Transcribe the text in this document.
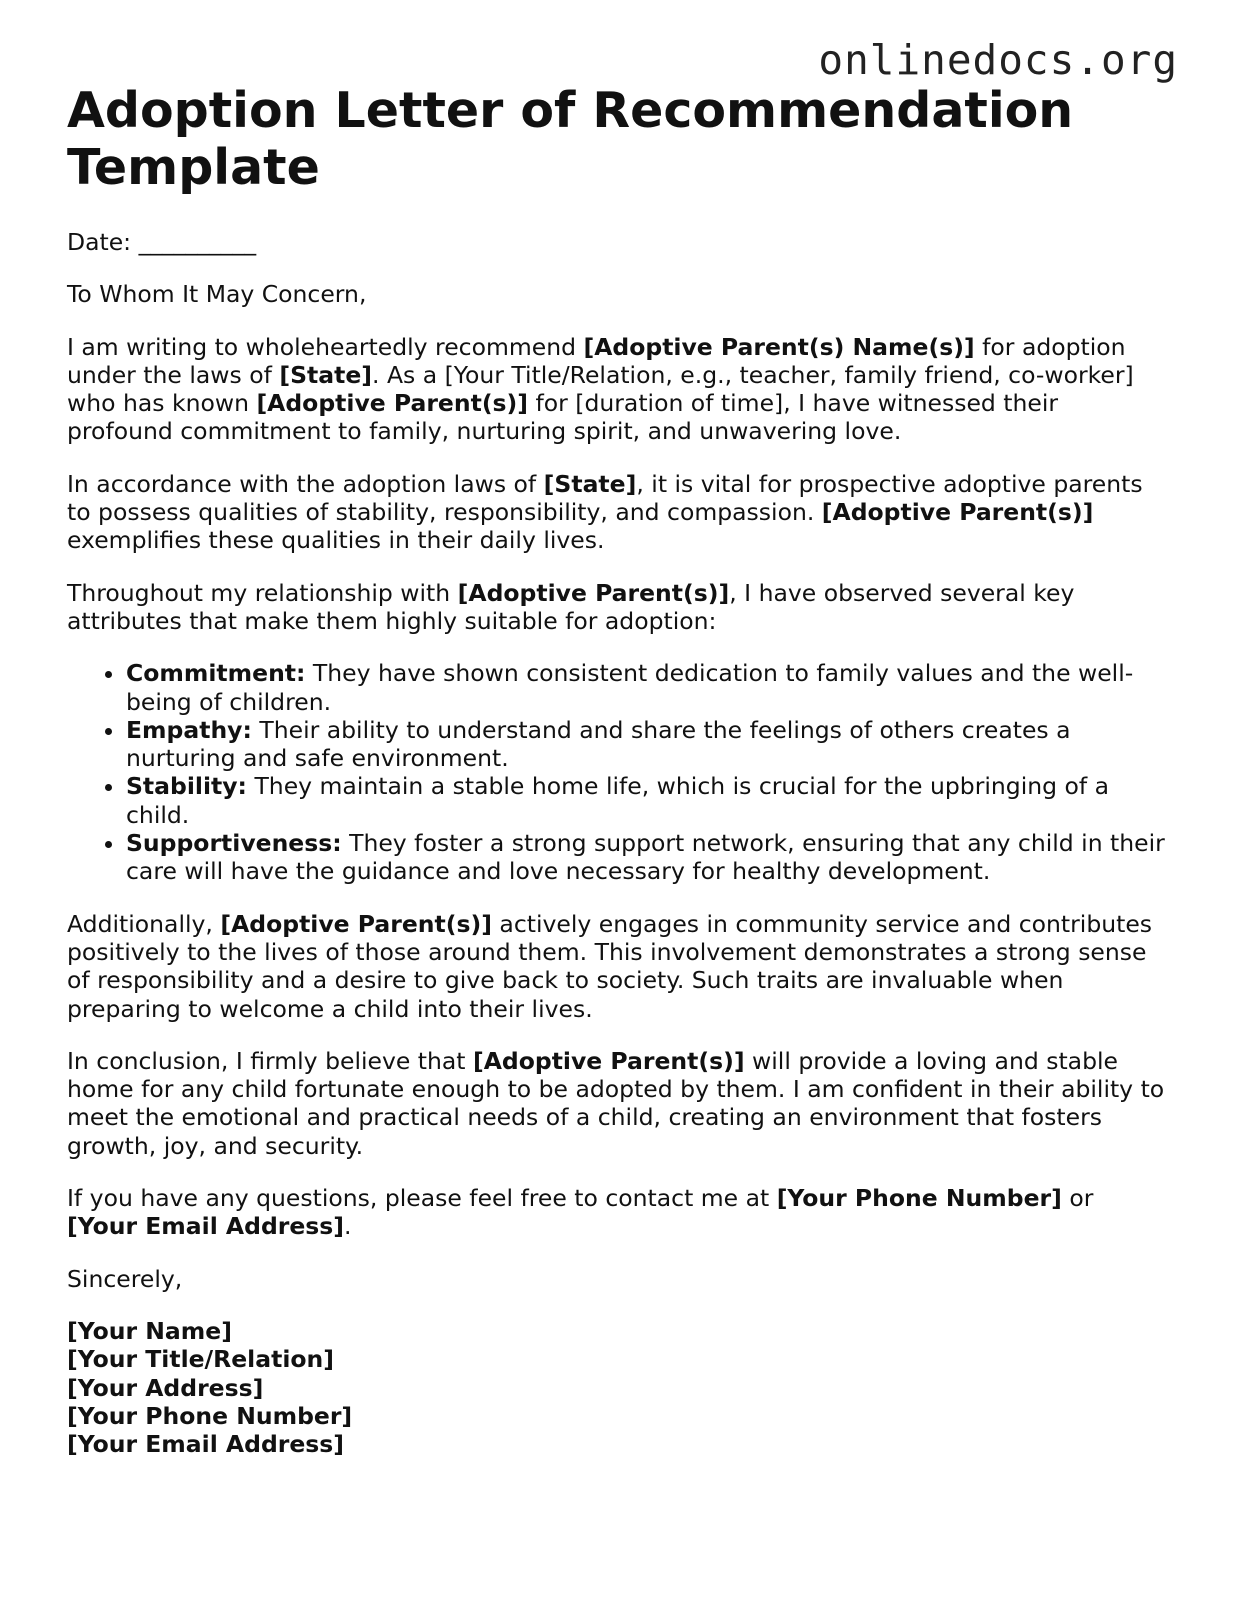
onlinedocs.org
Adoption Letter of Recommendation Template

Date: __________

To Whom It May Concern,

I am writing to wholeheartedly recommend [Adoptive Parent(s) Name(s)] for adoption under the laws of [State]. As a [Your Title/Relation, e.g., teacher, family friend, co-worker] who has known [Adoptive Parent(s)] for [duration of time], I have witnessed their profound commitment to family, nurturing spirit, and unwavering love.

In accordance with the adoption laws of [State], it is vital for prospective adoptive parents to possess qualities of stability, responsibility, and compassion. [Adoptive Parent(s)] exemplifies these qualities in their daily lives.

Throughout my relationship with [Adoptive Parent(s)], I have observed several key attributes that make them highly suitable for adoption:

• Commitment: They have shown consistent dedication to family values and the well-being of children.
• Empathy: Their ability to understand and share the feelings of others creates a nurturing and safe environment.
• Stability: They maintain a stable home life, which is crucial for the upbringing of a child.
• Supportiveness: They foster a strong support network, ensuring that any child in their care will have the guidance and love necessary for healthy development.

Additionally, [Adoptive Parent(s)] actively engages in community service and contributes positively to the lives of those around them. This involvement demonstrates a strong sense of responsibility and a desire to give back to society. Such traits are invaluable when preparing to welcome a child into their lives.

In conclusion, I firmly believe that [Adoptive Parent(s)] will provide a loving and stable home for any child fortunate enough to be adopted by them. I am confident in their ability to meet the emotional and practical needs of a child, creating an environment that fosters growth, joy, and security.

If you have any questions, please feel free to contact me at [Your Phone Number] or [Your Email Address].

Sincerely,

[Your Name]
[Your Title/Relation]
[Your Address]
[Your Phone Number]
[Your Email Address]
